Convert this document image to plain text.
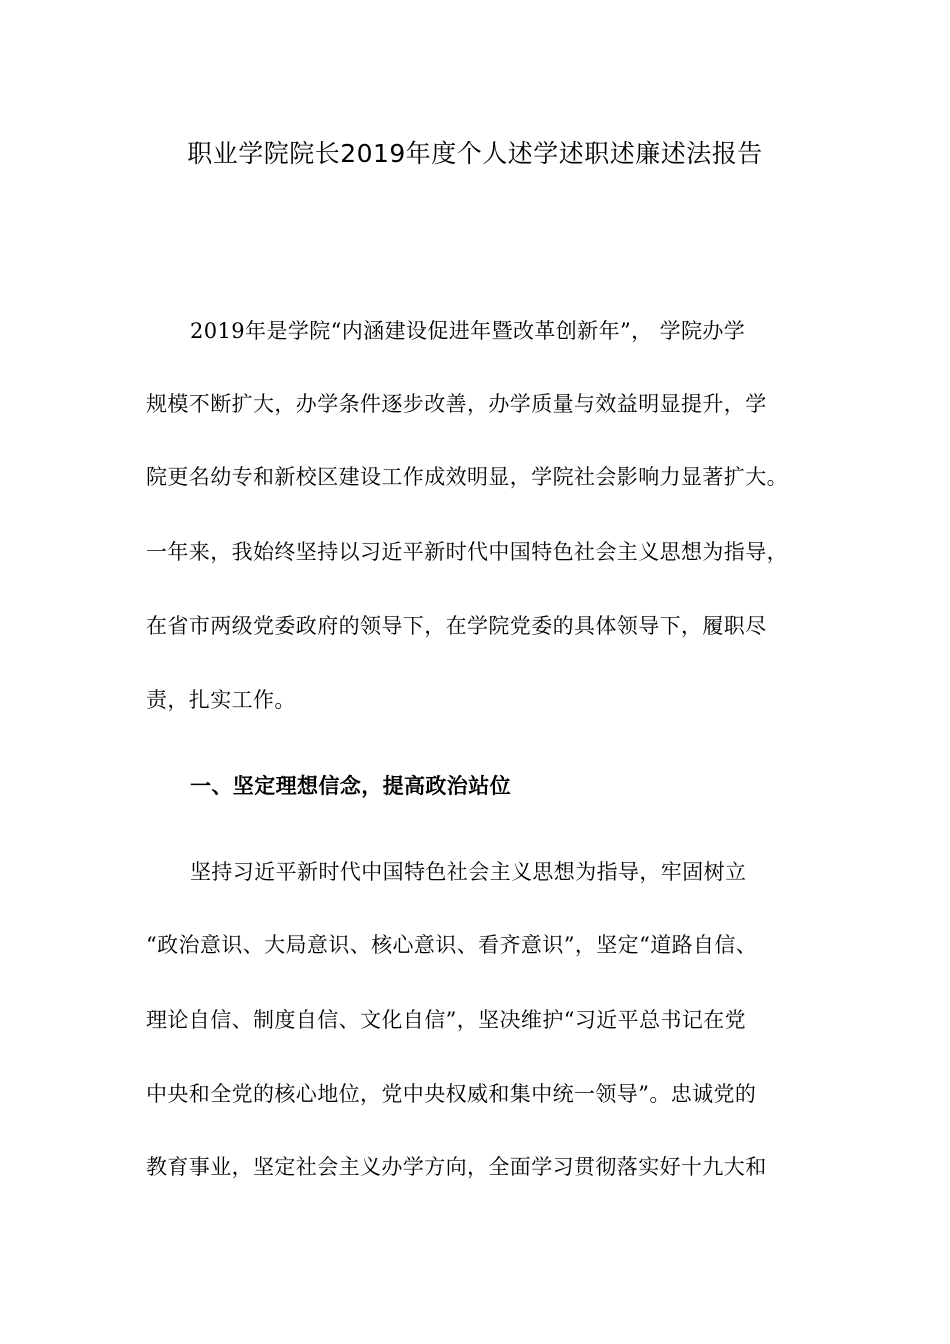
职业学院院长2019年度个人述学述职述廉述法报告
2019年是学院“内涵建设促进年暨改革创新年”， 学院办学
规模不断扩大，办学条件逐步改善，办学质量与效益明显提升，学
院更名幼专和新校区建设工作成效明显，学院社会影响力显著扩大。
一年来，我始终坚持以习近平新时代中国特色社会主义思想为指导，
在省市两级党委政府的领导下，在学院党委的具体领导下，履职尽
责，扎实工作。
一、坚定理想信念，提高政治站位
坚持习近平新时代中国特色社会主义思想为指导，牢固树立
“政治意识、大局意识、核心意识、看齐意识”，坚定“道路自信、
理论自信、制度自信、文化自信”，坚决维护“习近平总书记在党
中央和全党的核心地位，党中央权威和集中统一领导”。忠诚党的
教育事业，坚定社会主义办学方向，全面学习贯彻落实好十九大和
